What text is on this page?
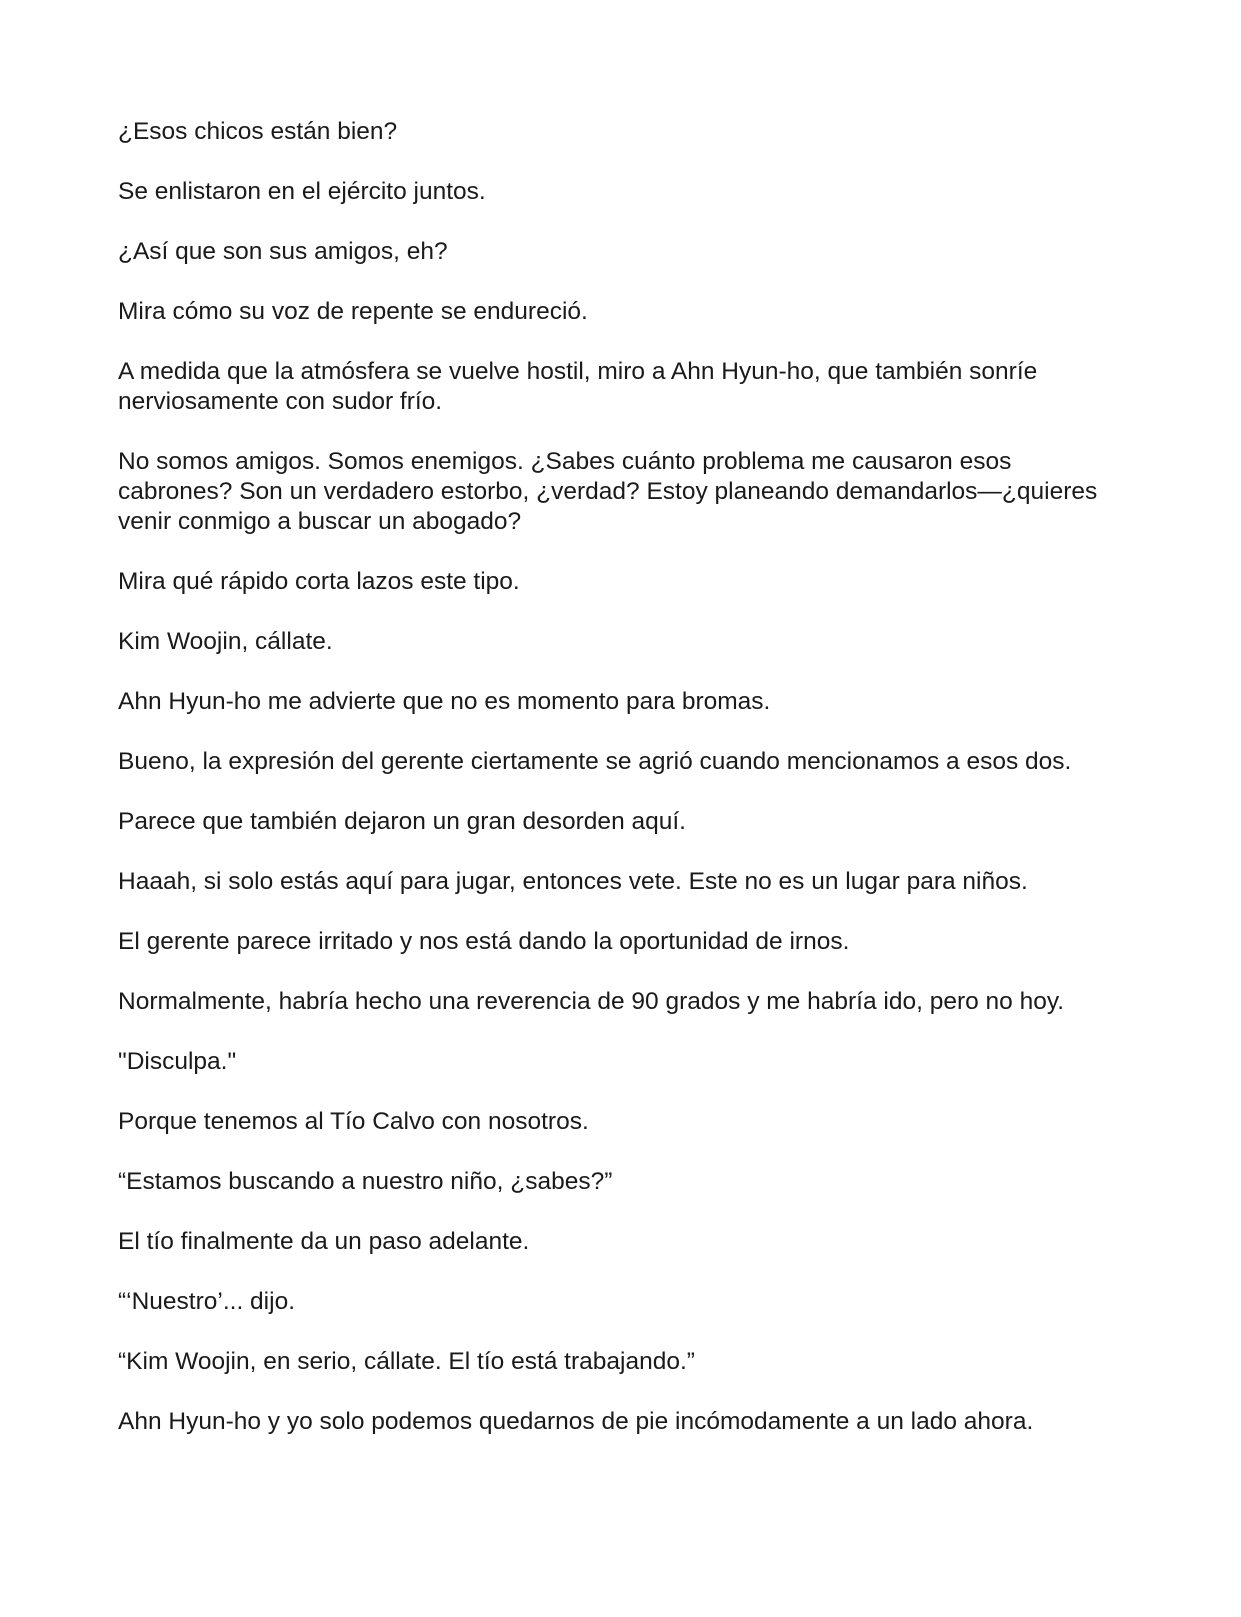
¿Esos chicos están bien?

Se enlistaron en el ejército juntos.

¿Así que son sus amigos, eh?

Mira cómo su voz de repente se endureció.

A medida que la atmósfera se vuelve hostil, miro a Ahn Hyun-ho, que también sonríe nerviosamente con sudor frío.

No somos amigos. Somos enemigos. ¿Sabes cuánto problema me causaron esos cabrones? Son un verdadero estorbo, ¿verdad? Estoy planeando demandarlos—¿quieres venir conmigo a buscar un abogado?

Mira qué rápido corta lazos este tipo.

Kim Woojin, cállate.

Ahn Hyun-ho me advierte que no es momento para bromas.

Bueno, la expresión del gerente ciertamente se agrió cuando mencionamos a esos dos.

Parece que también dejaron un gran desorden aquí.

Haaah, si solo estás aquí para jugar, entonces vete. Este no es un lugar para niños.

El gerente parece irritado y nos está dando la oportunidad de irnos.

Normalmente, habría hecho una reverencia de 90 grados y me habría ido, pero no hoy.

"Disculpa."

Porque tenemos al Tío Calvo con nosotros.

“Estamos buscando a nuestro niño, ¿sabes?”

El tío finalmente da un paso adelante.

“‘Nuestro’... dijo.

“Kim Woojin, en serio, cállate. El tío está trabajando.”

Ahn Hyun-ho y yo solo podemos quedarnos de pie incómodamente a un lado ahora.
